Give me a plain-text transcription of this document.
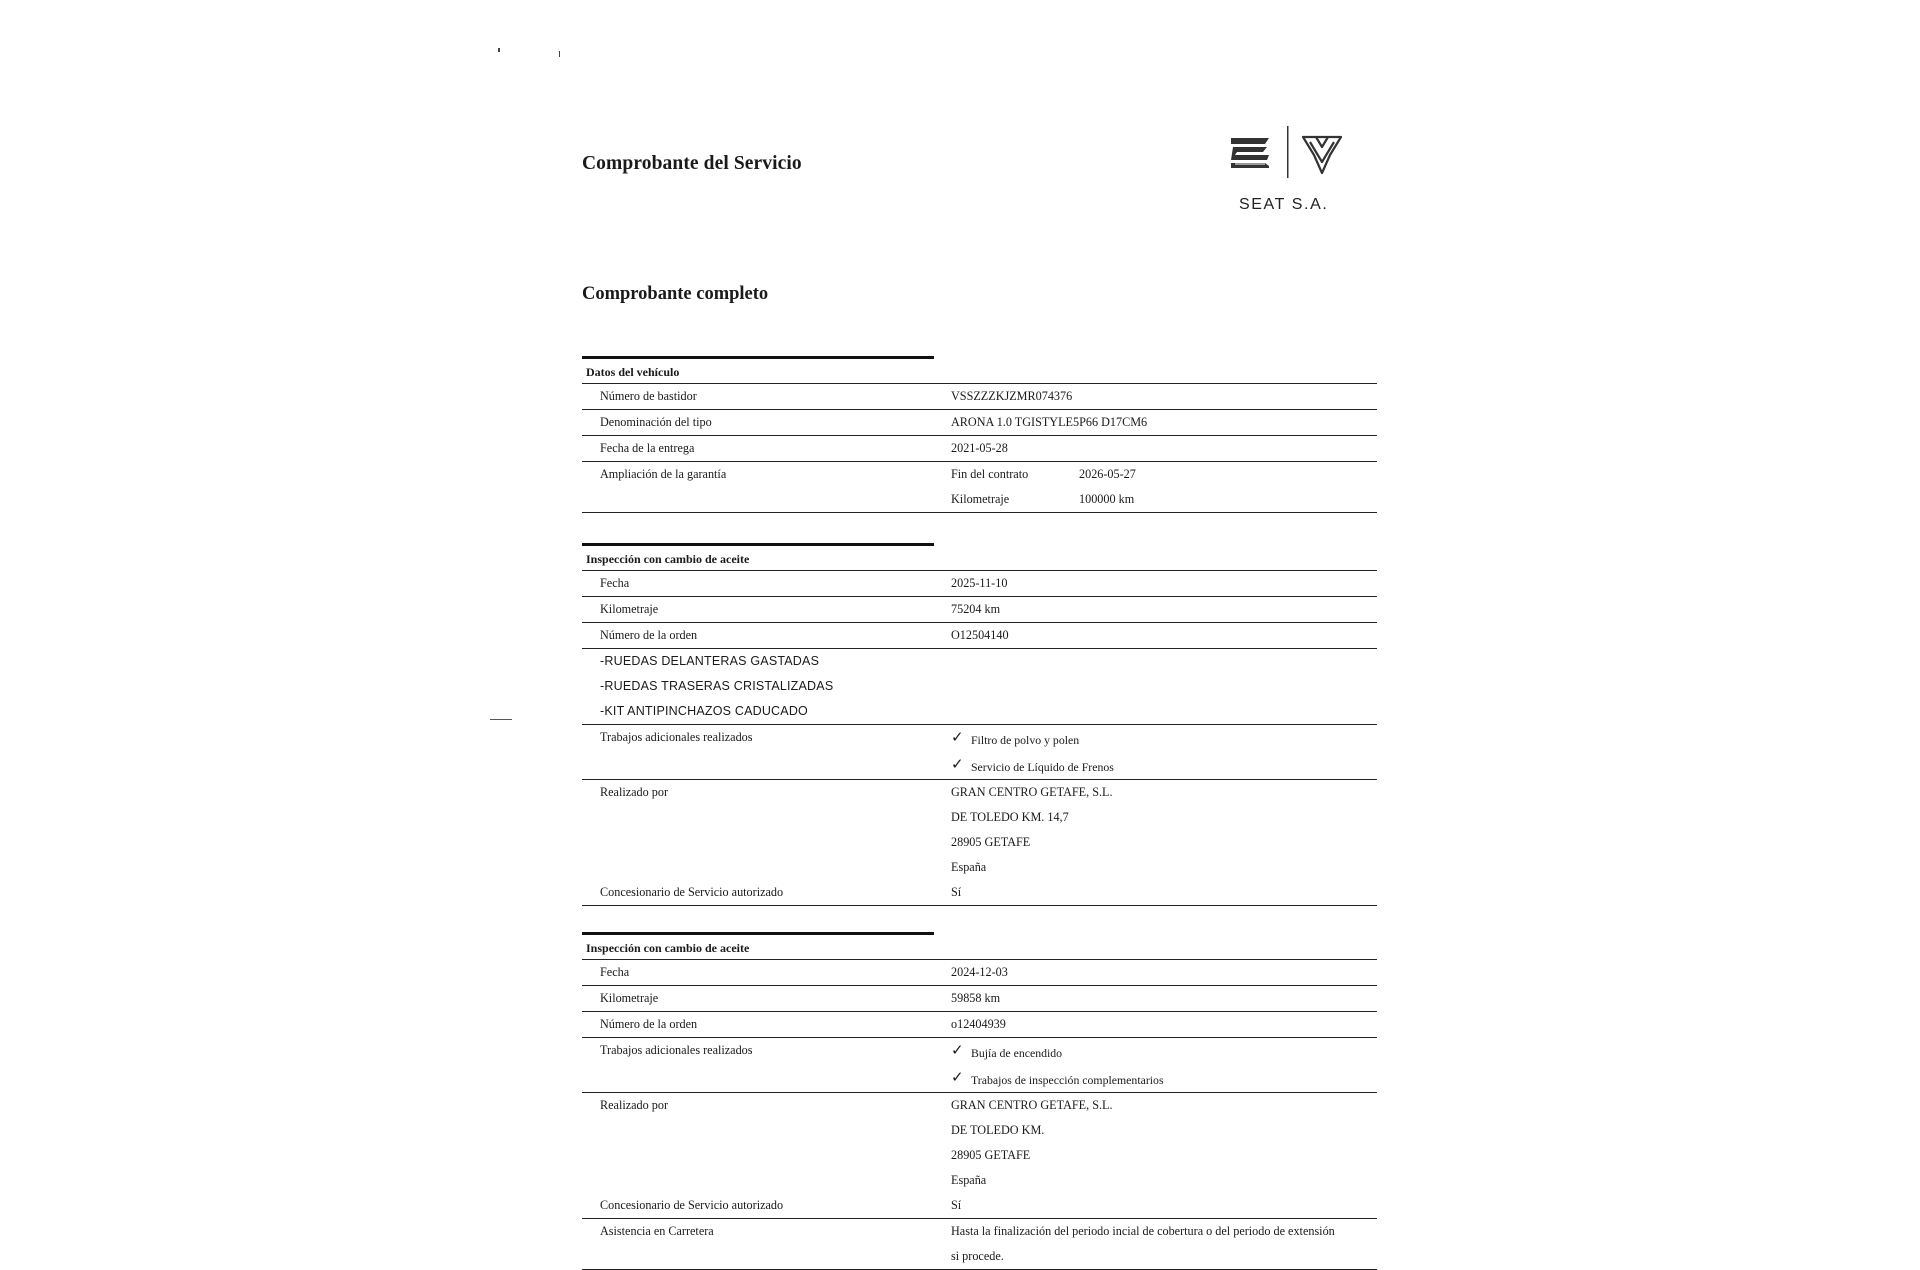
Comprobante del Servicio
SEAT S.A.
Comprobante completo
Datos del vehículo
Número de bastidor	VSSZZZKJZMR074376
Denominación del tipo	ARONA 1.0 TGISTYLE5P66 D17CM6
Fecha de la entrega	2021-05-28
Ampliación de la garantía	Fin del contrato	2026-05-27
Kilometraje	100000 km
Inspección con cambio de aceite
Fecha	2025-11-10
Kilometraje	75204 km
Número de la orden	O12504140
-RUEDAS DELANTERAS GASTADAS
-RUEDAS TRASERAS CRISTALIZADAS
-KIT ANTIPINCHAZOS CADUCADO
Trabajos adicionales realizados	✓ Filtro de polvo y polen
✓ Servicio de Líquido de Frenos
Realizado por	GRAN CENTRO GETAFE, S.L.
DE TOLEDO KM. 14,7
28905 GETAFE
España
Concesionario de Servicio autorizado	Sí
Inspección con cambio de aceite
Fecha	2024-12-03
Kilometraje	59858 km
Número de la orden	o12404939
Trabajos adicionales realizados	✓ Bujía de encendido
✓ Trabajos de inspección complementarios
Realizado por	GRAN CENTRO GETAFE, S.L.
DE TOLEDO KM.
28905 GETAFE
España
Concesionario de Servicio autorizado	Sí
Asistencia en Carretera	Hasta la finalización del periodo incial de cobertura o del periodo de extensión
si procede.
